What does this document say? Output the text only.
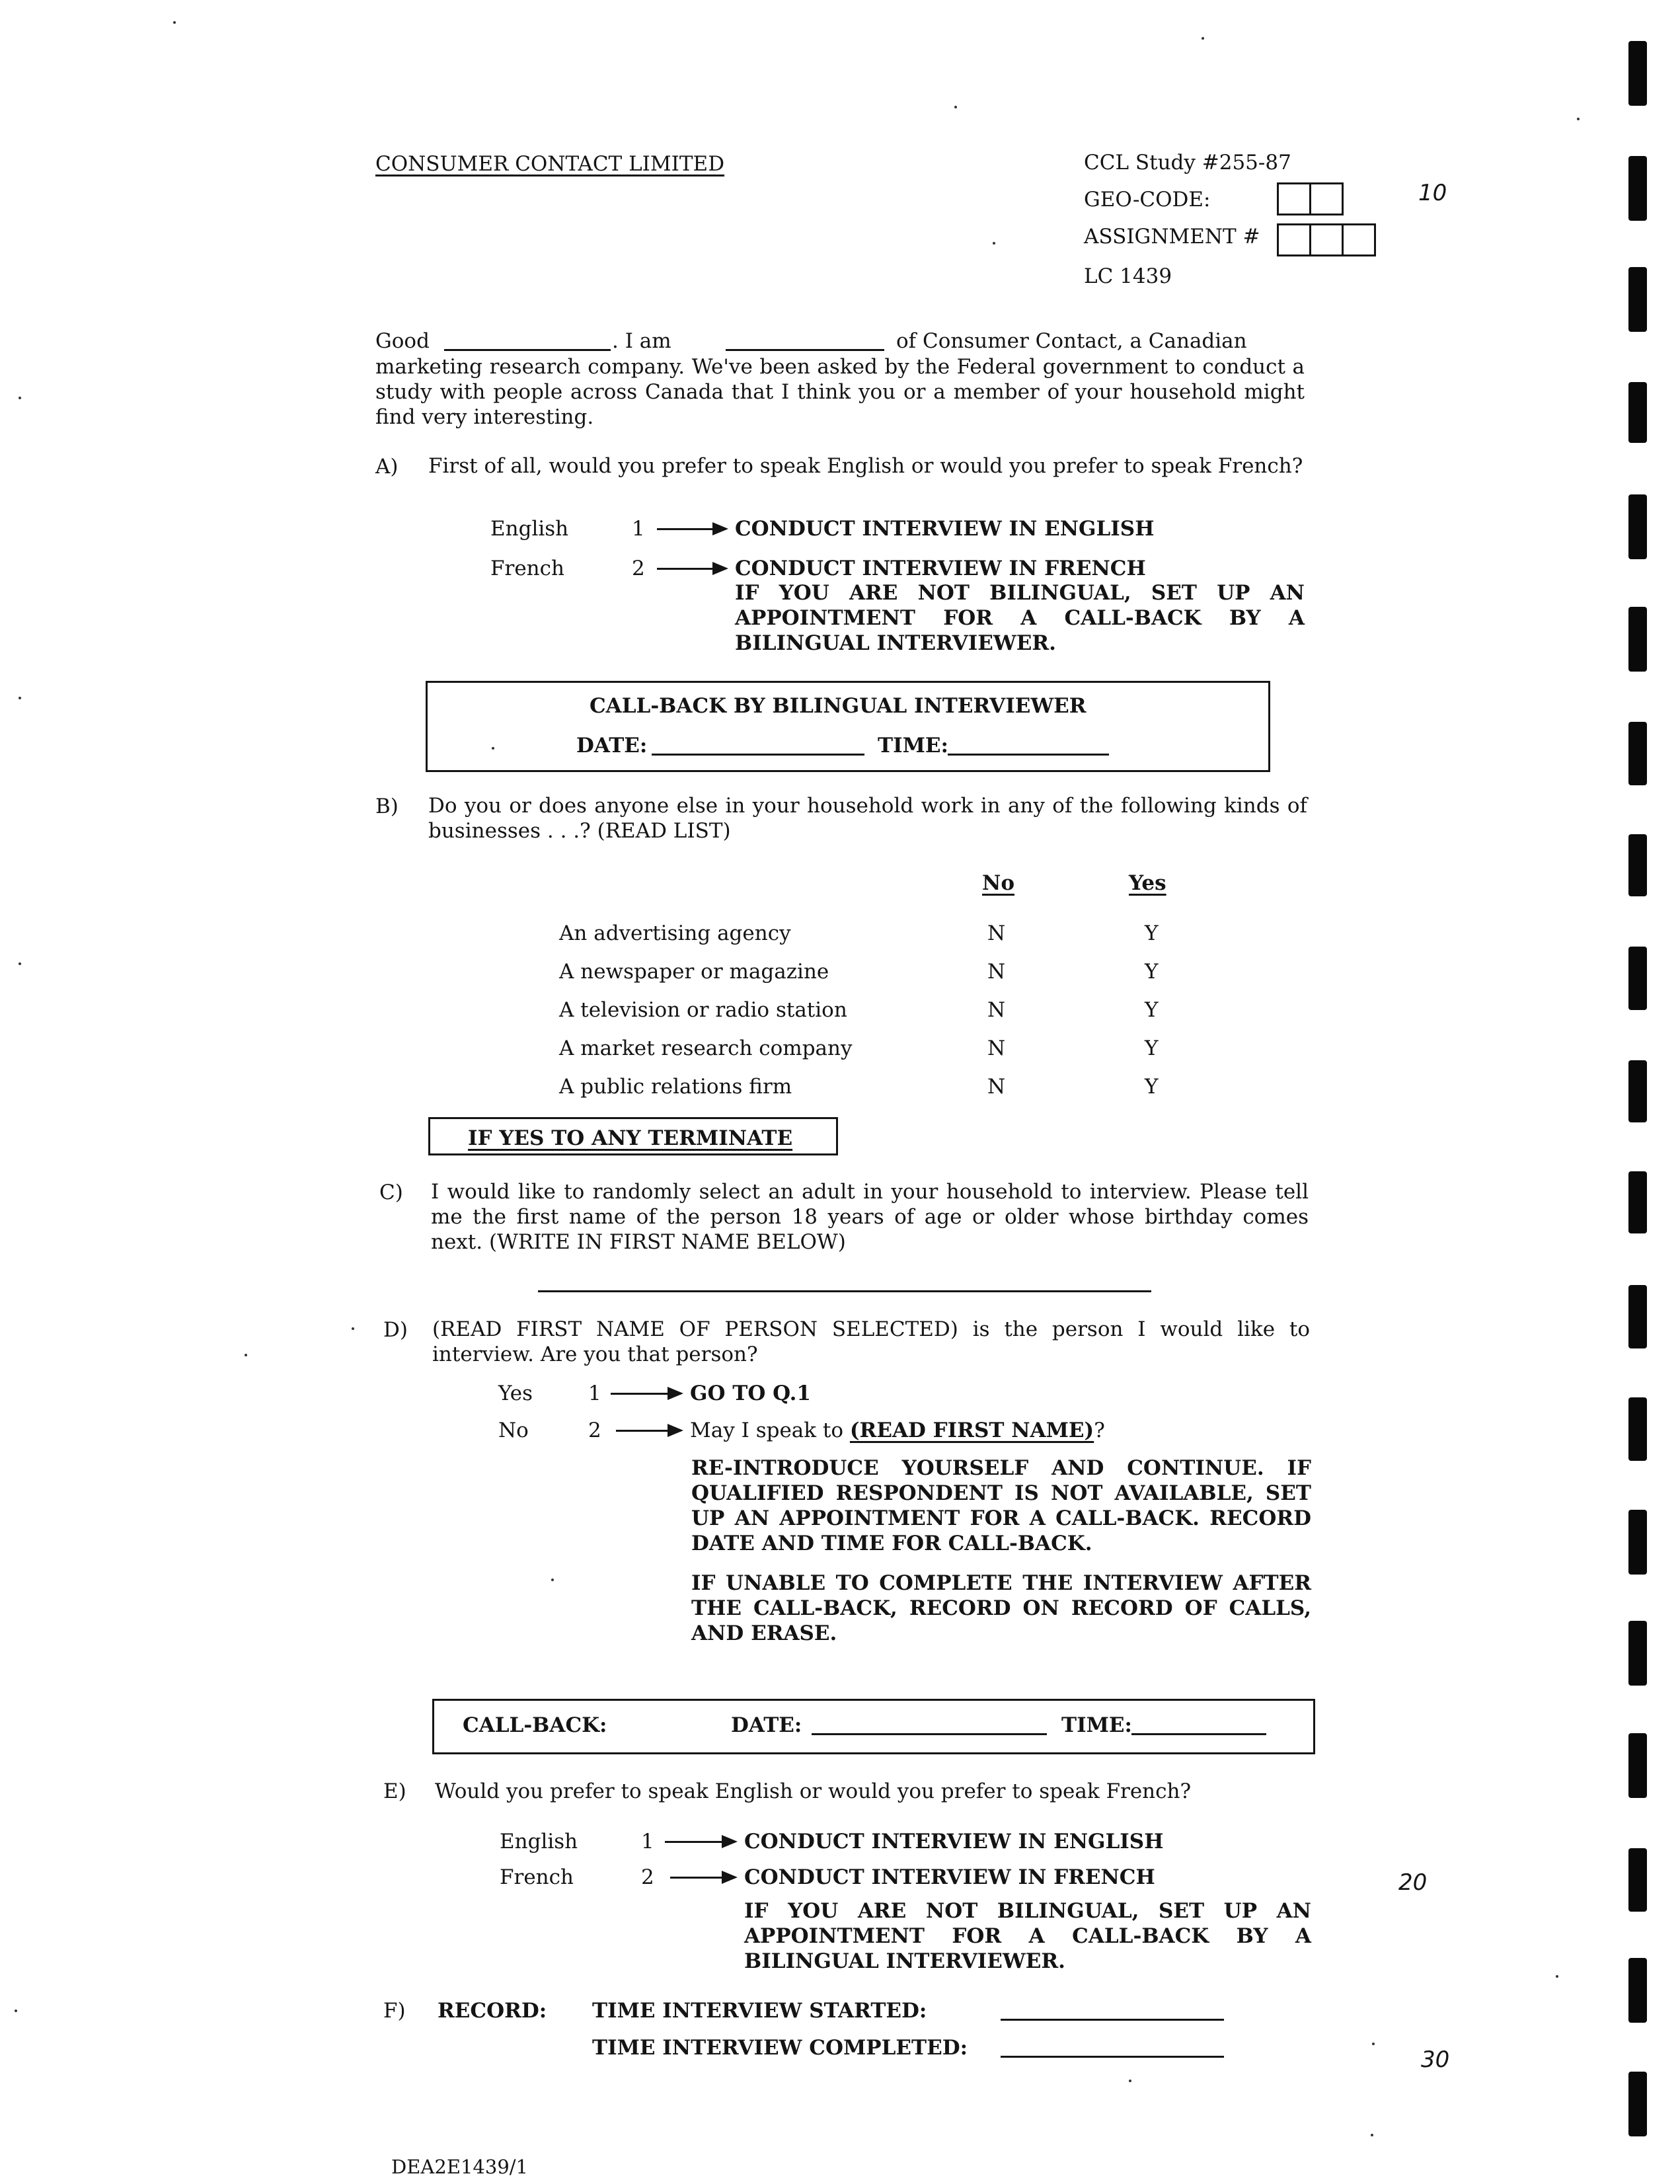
CONSUMER CONTACT LIMITED	CCL Study #255-87
GEO-CODE:
ASSIGNMENT #
LC 1439
10
Good	. I am	of Consumer Contact, a Canadian
marketing research company. We've been asked by the Federal government to conduct a study with people across Canada that I think you or a member of your household might find very interesting.
A) First of all, would you prefer to speak English or would you prefer to speak French?
English	1	CONDUCT INTERVIEW IN ENGLISH
French	2	CONDUCT INTERVIEW IN FRENCH
IF YOU ARE NOT BILINGUAL, SET UP AN APPOINTMENT FOR A CALL-BACK BY A BILINGUAL INTERVIEWER.
CALL-BACK BY BILINGUAL INTERVIEWER
DATE:	TIME:
B) Do you or does anyone else in your household work in any of the following kinds of businesses . . .? (READ LIST)
No	Yes
An advertising agency	N	Y
A newspaper or magazine	N	Y
A television or radio station	N	Y
A market research company	N	Y
A public relations firm	N	Y
IF YES TO ANY TERMINATE
C) I would like to randomly select an adult in your household to interview. Please tell me the first name of the person 18 years of age or older whose birthday comes next. (WRITE IN FIRST NAME BELOW)
D) (READ FIRST NAME OF PERSON SELECTED) is the person I would like to interview. Are you that person?
Yes	1	GO TO Q.1
No	2	May I speak to (READ FIRST NAME)?
RE-INTRODUCE YOURSELF AND CONTINUE. IF QUALIFIED RESPONDENT IS NOT AVAILABLE, SET UP AN APPOINTMENT FOR A CALL-BACK. RECORD DATE AND TIME FOR CALL-BACK.
IF UNABLE TO COMPLETE THE INTERVIEW AFTER THE CALL-BACK, RECORD ON RECORD OF CALLS, AND ERASE.
CALL-BACK:	DATE:	TIME:
E) Would you prefer to speak English or would you prefer to speak French?
English	1	CONDUCT INTERVIEW IN ENGLISH
French	2	CONDUCT INTERVIEW IN FRENCH
IF YOU ARE NOT BILINGUAL, SET UP AN APPOINTMENT FOR A CALL-BACK BY A BILINGUAL INTERVIEWER.
20
F) RECORD: TIME INTERVIEW STARTED:
TIME INTERVIEW COMPLETED:	30
DEA2E1439/1
